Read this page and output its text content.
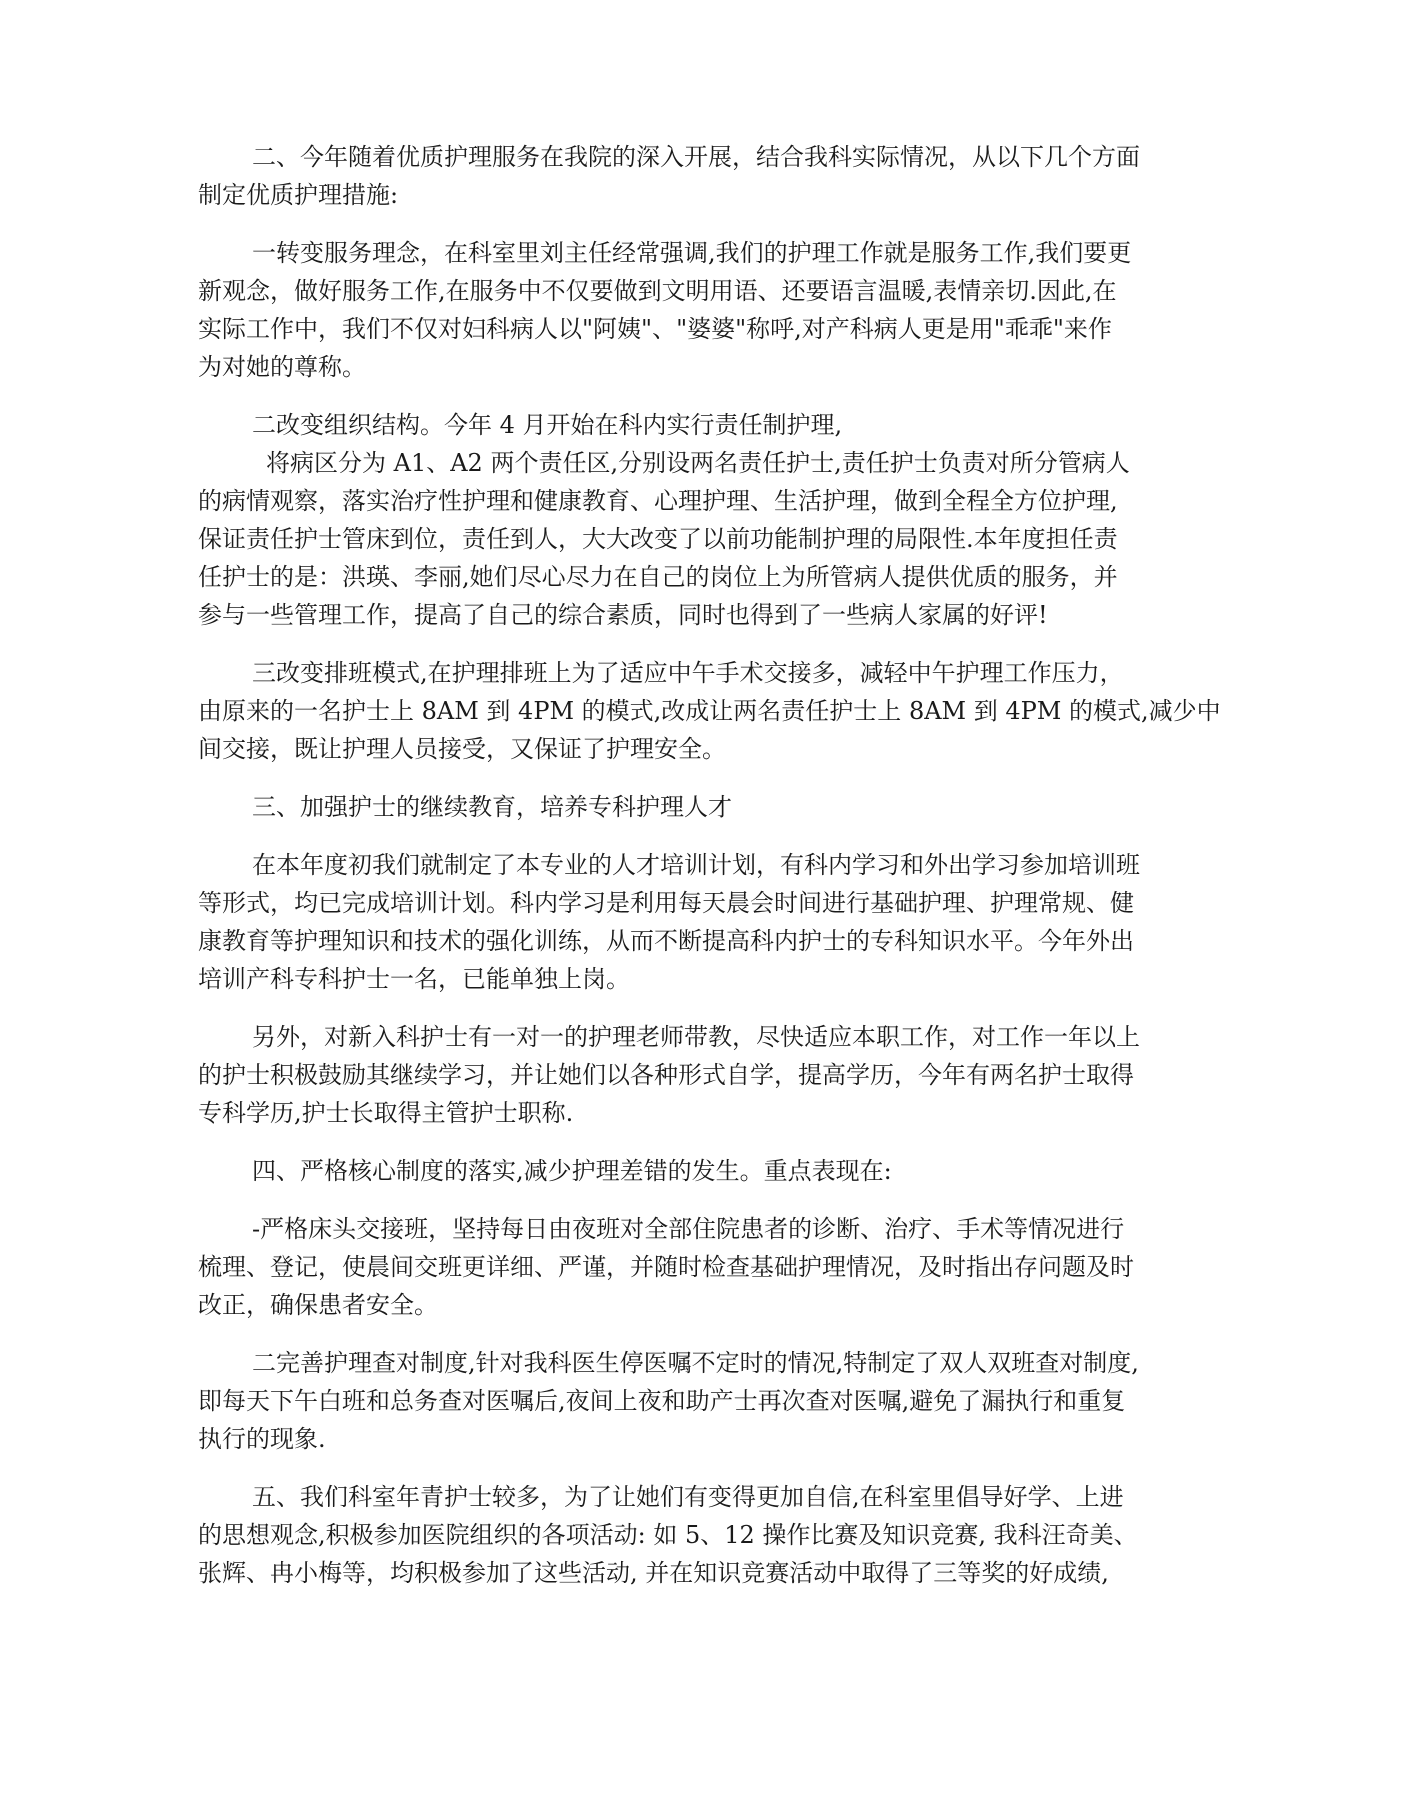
二、今年随着优质护理服务在我院的深入开展，结合我科实际情况，从以下几个方面
制定优质护理措施:
一转变服务理念，在科室里刘主任经常强调,我们的护理工作就是服务工作,我们要更
新观念，做好服务工作,在服务中不仅要做到文明用语、还要语言温暖,表情亲切.因此,在
实际工作中，我们不仅对妇科病人以"阿姨"、"婆婆"称呼,对产科病人更是用"乖乖"来作
为对她的尊称。
二改变组织结构。今年 4 月开始在科内实行责任制护理,
将病区分为 A1、A2 两个责任区,分别设两名责任护士,责任护士负责对所分管病人
的病情观察，落实治疗性护理和健康教育、心理护理、生活护理，做到全程全方位护理,
保证责任护士管床到位，责任到人，大大改变了以前功能制护理的局限性.本年度担任责
任护士的是：洪瑛、李丽,她们尽心尽力在自己的岗位上为所管病人提供优质的服务，并
参与一些管理工作，提高了自己的综合素质，同时也得到了一些病人家属的好评!
三改变排班模式,在护理排班上为了适应中午手术交接多，减轻中午护理工作压力，
由原来的一名护士上 8AM 到 4PM 的模式,改成让两名责任护士上 8AM 到 4PM 的模式,减少中
间交接，既让护理人员接受，又保证了护理安全。
三、加强护士的继续教育，培养专科护理人才
在本年度初我们就制定了本专业的人才培训计划，有科内学习和外出学习参加培训班
等形式，均已完成培训计划。科内学习是利用每天晨会时间进行基础护理、护理常规、健
康教育等护理知识和技术的强化训练，从而不断提高科内护士的专科知识水平。今年外出
培训产科专科护士一名，已能单独上岗。
另外，对新入科护士有一对一的护理老师带教，尽快适应本职工作，对工作一年以上
的护士积极鼓励其继续学习，并让她们以各种形式自学，提高学历，今年有两名护士取得
专科学历,护士长取得主管护士职称.
四、严格核心制度的落实,减少护理差错的发生。重点表现在:
-严格床头交接班，坚持每日由夜班对全部住院患者的诊断、治疗、手术等情况进行
梳理、登记，使晨间交班更详细、严谨，并随时检查基础护理情况，及时指出存问题及时
改正，确保患者安全。
二完善护理查对制度,针对我科医生停医嘱不定时的情况,特制定了双人双班查对制度,
即每天下午白班和总务查对医嘱后,夜间上夜和助产士再次查对医嘱,避免了漏执行和重复
执行的现象.
五、我们科室年青护士较多，为了让她们有变得更加自信,在科室里倡导好学、上进
的思想观念,积极参加医院组织的各项活动: 如 5、12 操作比赛及知识竞赛, 我科汪奇美、
张辉、冉小梅等，均积极参加了这些活动, 并在知识竞赛活动中取得了三等奖的好成绩,
